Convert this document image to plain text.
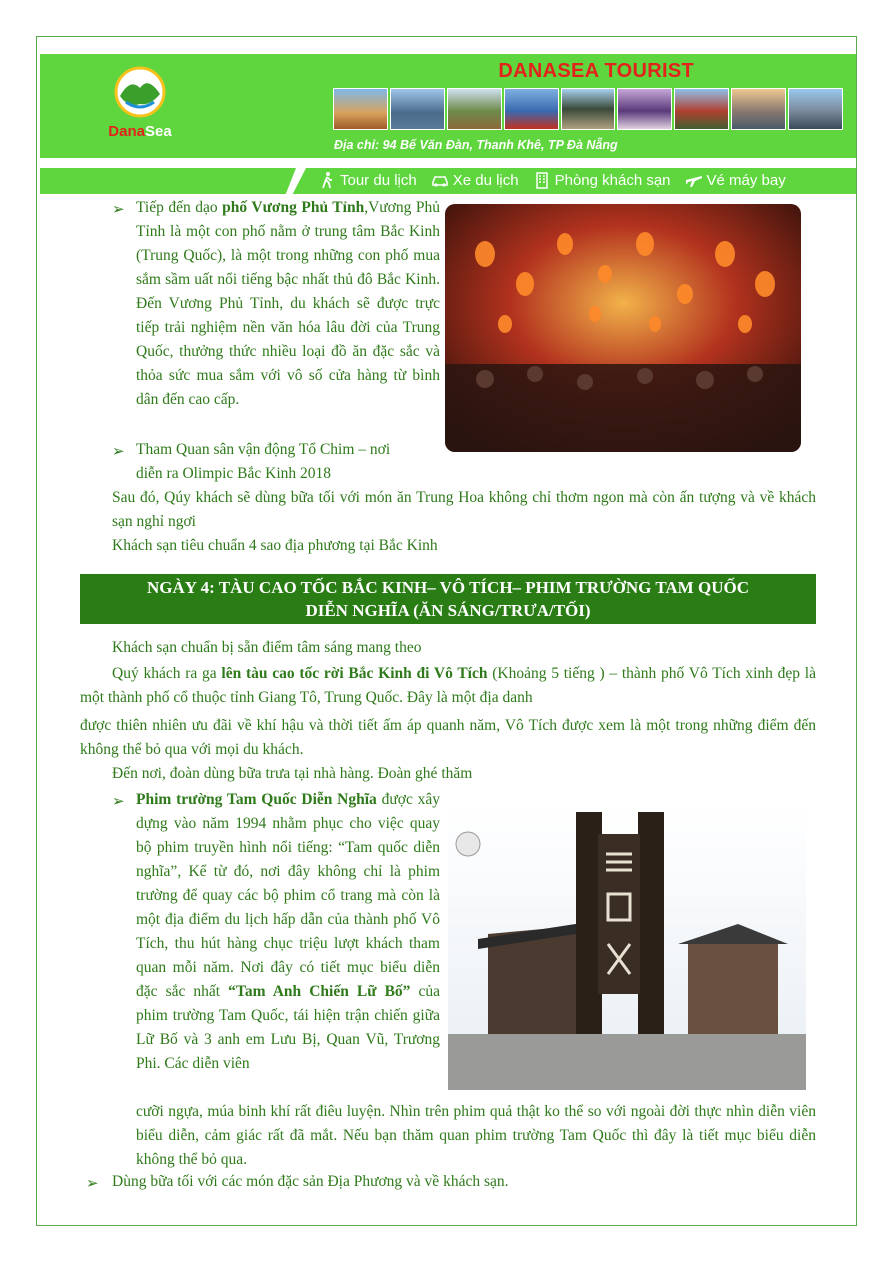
DanaSea
DANASEA TOURIST
Địa chỉ: 94 Bế Văn Đàn, Thanh Khê, TP Đà Nẵng
Tour du lịch Xe du lịch Phòng khách sạn Vé máy bay
➢ Tiếp đến dạo phố Vương Phủ Tỉnh,Vương Phủ Tỉnh là một con phố nằm ở trung tâm Bắc Kinh (Trung Quốc), là một trong những con phố mua sắm sầm uất nổi tiếng bậc nhất thủ đô Bắc Kinh. Đến Vương Phủ Tỉnh, du khách sẽ được trực tiếp trải nghiệm nền văn hóa lâu đời của Trung Quốc, thưởng thức nhiều loại đồ ăn đặc sắc và thỏa sức mua sắm với vô số cửa hàng từ bình dân đến cao cấp.
➢ Tham Quan sân vận động Tổ Chim – nơi
diễn ra Olimpic Bắc Kinh 2018
Sau đó, Qúy khách sẽ dùng bữa tối với món ăn Trung Hoa không chỉ thơm ngon mà còn ấn tượng và về khách sạn nghỉ ngơi
Khách sạn tiêu chuẩn 4 sao địa phương tại Bắc Kinh
NGÀY 4: TÀU CAO TỐC BẮC KINH– VÔ TÍCH– PHIM TRƯỜNG TAM QUỐC
DIỄN NGHĨA (ĂN SÁNG/TRƯA/TỐI)
Khách sạn chuẩn bị sẵn điểm tâm sáng mang theo
Quý khách ra ga lên tàu cao tốc rời Bắc Kinh đi Vô Tích (Khoảng 5 tiếng ) – thành phố Vô Tích xinh đẹp là một thành phố cổ thuộc tỉnh Giang Tô, Trung Quốc. Đây là một địa danh
được thiên nhiên ưu đãi về khí hậu và thời tiết ấm áp quanh năm, Vô Tích được xem là một trong những điểm đến không thể bỏ qua với mọi du khách.
Đến nơi, đoàn dùng bữa trưa tại nhà hàng. Đoàn ghé thăm
➢ Phim trường Tam Quốc Diễn Nghĩa được xây dựng vào năm 1994 nhằm phục cho việc quay bộ phim truyền hình nổi tiếng: “Tam quốc diễn nghĩa”, Kể từ đó, nơi đây không chỉ là phim trường để quay các bộ phim cổ trang mà còn là một địa điểm du lịch hấp dẫn của thành phố Vô Tích, thu hút hàng chục triệu lượt khách tham quan mỗi năm. Nơi đây có tiết mục biểu diễn đặc sắc nhất “Tam Anh Chiến Lữ Bố” của phim trường Tam Quốc, tái hiện trận chiến giữa Lữ Bố và 3 anh em Lưu Bị, Quan Vũ, Trương Phi. Các diễn viên
cưỡi ngựa, múa binh khí rất điêu luyện. Nhìn trên phim quả thật ko thể so với ngoài đời thực nhìn diễn viên biểu diễn, cảm giác rất đã mắt. Nếu bạn thăm quan phim trường Tam Quốc thì đây là tiết mục biểu diễn không thể bỏ qua.
➢ Dùng bữa tối với các món đặc sản Địa Phương và về khách sạn.
